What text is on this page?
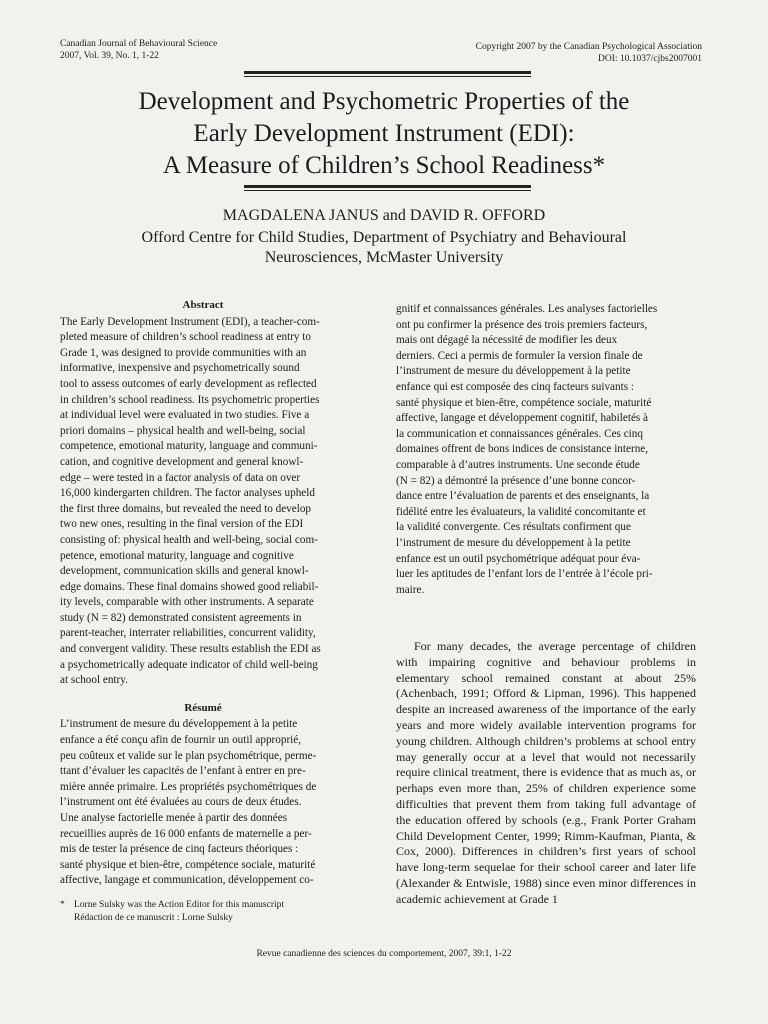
Canadian Journal of Behavioural Science
2007, Vol. 39, No. 1, 1-22
Copyright 2007 by the Canadian Psychological Association
DOI: 10.1037/cjbs2007001
Development and Psychometric Properties of the
Early Development Instrument (EDI):
A Measure of Children’s School Readiness*
MAGDALENA JANUS and DAVID R. OFFORD
Offord Centre for Child Studies, Department of Psychiatry and Behavioural
Neurosciences, McMaster University
Abstract
The Early Development Instrument (EDI), a teacher-com-
pleted measure of children’s school readiness at entry to
Grade 1, was designed to provide communities with an
informative, inexpensive and psychometrically sound
tool to assess outcomes of early development as reflected
in children’s school readiness. Its psychometric properties
at individual level were evaluated in two studies. Five a
priori domains – physical health and well-being, social
competence, emotional maturity, language and communi-
cation, and cognitive development and general knowl-
edge – were tested in a factor analysis of data on over
16,000 kindergarten children. The factor analyses upheld
the first three domains, but revealed the need to develop
two new ones, resulting in the final version of the EDI
consisting of: physical health and well-being, social com-
petence, emotional maturity, language and cognitive
development, communication skills and general knowl-
edge domains. These final domains showed good reliabil-
ity levels, comparable with other instruments. A separate
study (N = 82) demonstrated consistent agreements in
parent-teacher, interrater reliabilities, concurrent validity,
and convergent validity. These results establish the EDI as
a psychometrically adequate indicator of child well-being
at school entry.
Résumé
L’instrument de mesure du développement à la petite
enfance a été conçu afin de fournir un outil approprié,
peu coûteux et valide sur le plan psychométrique, perme-
ttant d’évaluer les capacités de l’enfant à entrer en pre-
mière année primaire. Les propriétés psychométriques de
l’instrument ont été évaluées au cours de deux études.
Une analyse factorielle menée à partir des données
recueillies auprès de 16 000 enfants de maternelle a per-
mis de tester la présence de cinq facteurs théoriques :
santé physique et bien-être, compétence sociale, maturité
affective, langage et communication, développement co-
gnitif et connaissances générales. Les analyses factorielles
ont pu confirmer la présence des trois premiers facteurs,
mais ont dégagé la nécessité de modifier les deux
derniers. Ceci a permis de formuler la version finale de
l’instrument de mesure du développement à la petite
enfance qui est composée des cinq facteurs suivants :
santé physique et bien-être, compétence sociale, maturité
affective, langage et développement cognitif, habiletés à
la communication et connaissances générales. Ces cinq
domaines offrent de bons indices de consistance interne,
comparable à d’autres instruments. Une seconde étude
(N = 82) a démontré la présence d’une bonne concor-
dance entre l’évaluation de parents et des enseignants, la
fidélité entre les évaluateurs, la validité concomitante et
la validité convergente. Ces résultats confirment que
l’instrument de mesure du développement à la petite
enfance est un outil psychométrique adéquat pour éva-
luer les aptitudes de l’enfant lors de l’entrée à l’école pri-
maire.

For many decades, the average percentage of children with impairing cognitive and behaviour problems in elementary school remained constant at about 25% (Achenbach, 1991; Offord & Lipman, 1996). This happened despite an increased awareness of the importance of the early years and more widely available intervention programs for young children. Although children’s problems at school entry may generally occur at a level that would not necessarily require clinical treatment, there is evidence that as much as, or perhaps even more than, 25% of children experience some difficulties that prevent them from taking full advantage of the education offered by schools (e.g., Frank Porter Graham Child Development Center, 1999; Rimm-Kaufman, Pianta, & Cox, 2000). Differences in children’s first years of school have long-term sequelae for their school career and later life (Alexander & Entwisle, 1988) since even minor differences in academic achievement at Grade 1

* Lorne Sulsky was the Action Editor for this manuscript
Rédaction de ce manuscrit : Lorne Sulsky
Revue canadienne des sciences du comportement, 2007, 39:1, 1-22
